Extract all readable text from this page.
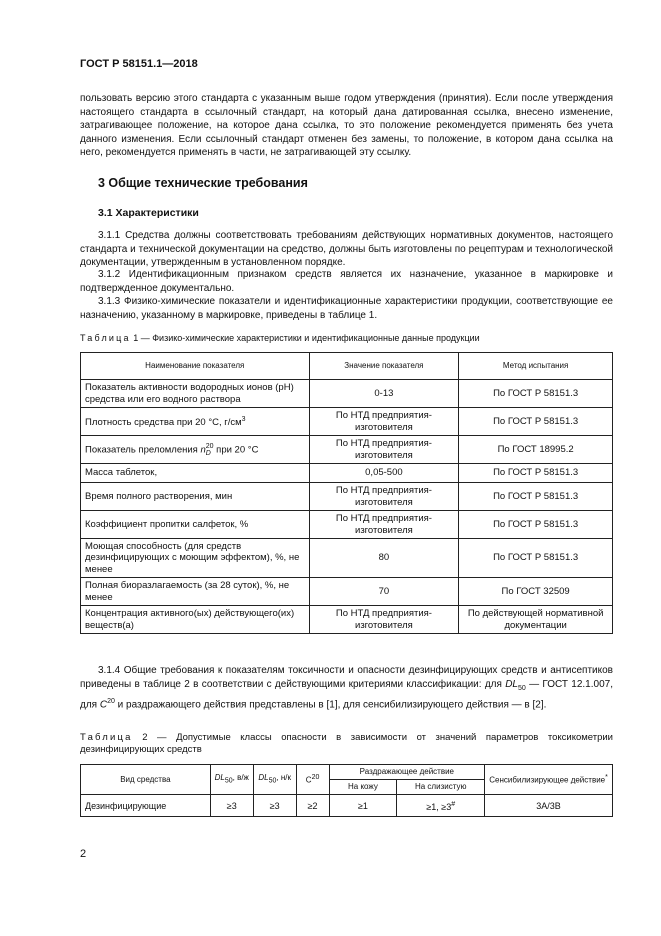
ГОСТ Р 58151.1—2018
пользовать версию этого стандарта с указанным выше годом утверждения (принятия). Если после утверждения настоящего стандарта в ссылочный стандарт, на который дана датированная ссылка, внесено изменение, затрагивающее положение, на которое дана ссылка, то это положение рекомендуется применять без учета данного изменения. Если ссылочный стандарт отменен без замены, то положение, в котором дана ссылка на него, рекомендуется применять в части, не затрагивающей эту ссылку.
3 Общие технические требования
3.1 Характеристики
3.1.1 Средства должны соответствовать требованиям действующих нормативных документов, настоящего стандарта и технической документации на средство, должны быть изготовлены по рецептурам и технологической документации, утвержденным в установленном порядке.
3.1.2 Идентификационным признаком средств является их назначение, указанное в маркировке и подтвержденное документально.
3.1.3 Физико-химические показатели и идентификационные характеристики продукции, соответствующие ее назначению, указанному в маркировке, приведены в таблице 1.
Таблица 1 — Физико-химические характеристики и идентификационные данные продукции
Наименование показателя	Значение показателя	Метод испытания
Показатель активности водородных ионов (pH) средства или его водного раствора	0-13	По ГОСТ Р 58151.3
Плотность средства при 20 °C, $г/см^3$	По НТД предприятия-изготовителя	По ГОСТ Р 58151.3
Показатель преломления n 20
D при 20 °C	По НТД предприятия-изготовителя	По ГОСТ 18995.2
Масса таблеток,	0,05-500	По ГОСТ Р 58151.3
Время полного растворения, мин	По НТД предприятия-изготовителя	По ГОСТ Р 58151.3
Коэффициент пропитки салфеток, %	По НТД предприятия-изготовителя	По ГОСТ Р 58151.3
Моющая способность (для средств дезинфицирующих с моющим эффектом), %, не менее	80	По ГОСТ Р 58151.3
Полная биоразлагаемость (за 28 суток), %, не менее	70	По ГОСТ 32509
Концентрация активного(ых) действующего(их) веществ(а)	По НТД предприятия-изготовителя	По действующей нормативной документации
3.1.4 Общие требования к показателям токсичности и опасности дезинфицирующих средств и антисептиков приведены в таблице 2 в соответствии с действующими критериями классификации: для $DL_{50}$ — ГОСТ 12.1.007, для $C^{20}$ и раздражающего действия представлены в [1], для сенсибилизирующего действия — в [2].
Таблица 2 — Допустимые классы опасности в зависимости от значений параметров токсикометрии дезинфицирующих средств
Вид средства	$DL_{50}$, в/ж	$DL_{50}$, н/к	$C^{20}$	Раздражающее действие		Сенсибилизирующее действие*
				На кожу	На слизистую	
Дезинфицирующие	≥3	≥3	≥2	≥1	≥1, ≥3#	3А/3В
2
